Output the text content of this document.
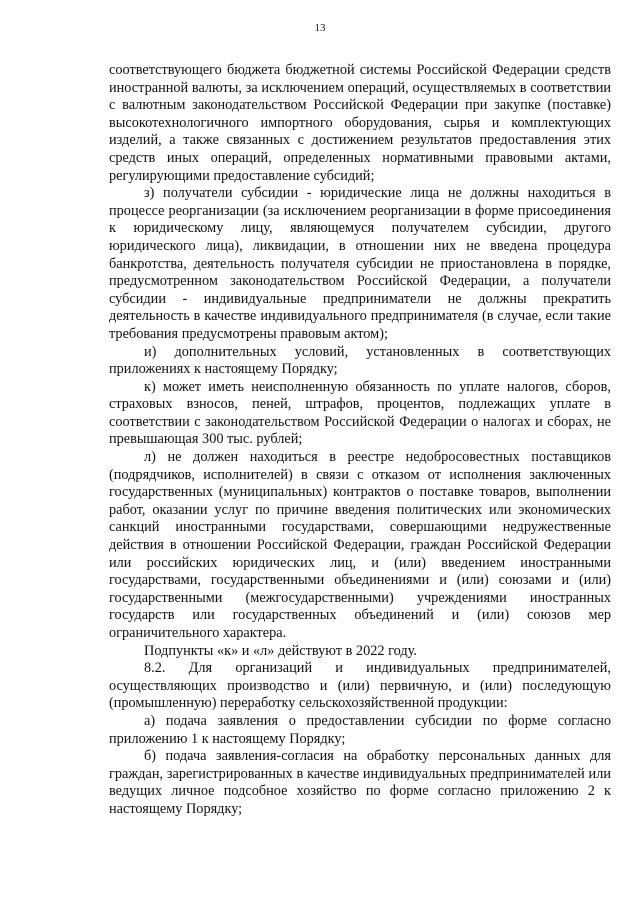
13

соответствующего бюджета бюджетной системы Российской Федерации средств иностранной валюты, за исключением операций, осуществляемых в соответствии с валютным законодательством Российской Федерации при закупке (поставке) высокотехнологичного импортного оборудования, сырья и комплектующих изделий, а также связанных с достижением результатов предоставления этих средств иных операций, определенных нормативными правовыми актами, регулирующими предоставление субсидий;

з) получатели субсидии - юридические лица не должны находиться в процессе реорганизации (за исключением реорганизации в форме присоединения к юридическому лицу, являющемуся получателем субсидии, другого юридического лица), ликвидации, в отношении них не введена процедура банкротства, деятельность получателя субсидии не приостановлена в порядке, предусмотренном законодательством Российской Федерации, а получатели субсидии - индивидуальные предприниматели не должны прекратить деятельность в качестве индивидуального предпринимателя (в случае, если такие требования предусмотрены правовым актом);

и) дополнительных условий, установленных в соответствующих приложениях к настоящему Порядку;

к) может иметь неисполненную обязанность по уплате налогов, сборов, страховых взносов, пеней, штрафов, процентов, подлежащих уплате в соответствии с законодательством Российской Федерации о налогах и сборах, не превышающая 300 тыс. рублей;

л) не должен находиться в реестре недобросовестных поставщиков (подрядчиков, исполнителей) в связи с отказом от исполнения заключенных государственных (муниципальных) контрактов о поставке товаров, выполнении работ, оказании услуг по причине введения политических или экономических санкций иностранными государствами, совершающими недружественные действия в отношении Российской Федерации, граждан Российской Федерации или российских юридических лиц, и (или) введением иностранными государствами, государственными объединениями и (или) союзами и (или) государственными (межгосударственными) учреждениями иностранных государств или государственных объединений и (или) союзов мер ограничительного характера.

Подпункты «к» и «л» действуют в 2022 году.

8.2. Для организаций и индивидуальных предпринимателей, осуществляющих производство и (или) первичную, и (или) последующую (промышленную) переработку сельскохозяйственной продукции:

а) подача заявления о предоставлении субсидии по форме согласно приложению 1 к настоящему Порядку;

б) подача заявления-согласия на обработку персональных данных для граждан, зарегистрированных в качестве индивидуальных предпринимателей или ведущих личное подсобное хозяйство по форме согласно приложению 2 к настоящему Порядку;
